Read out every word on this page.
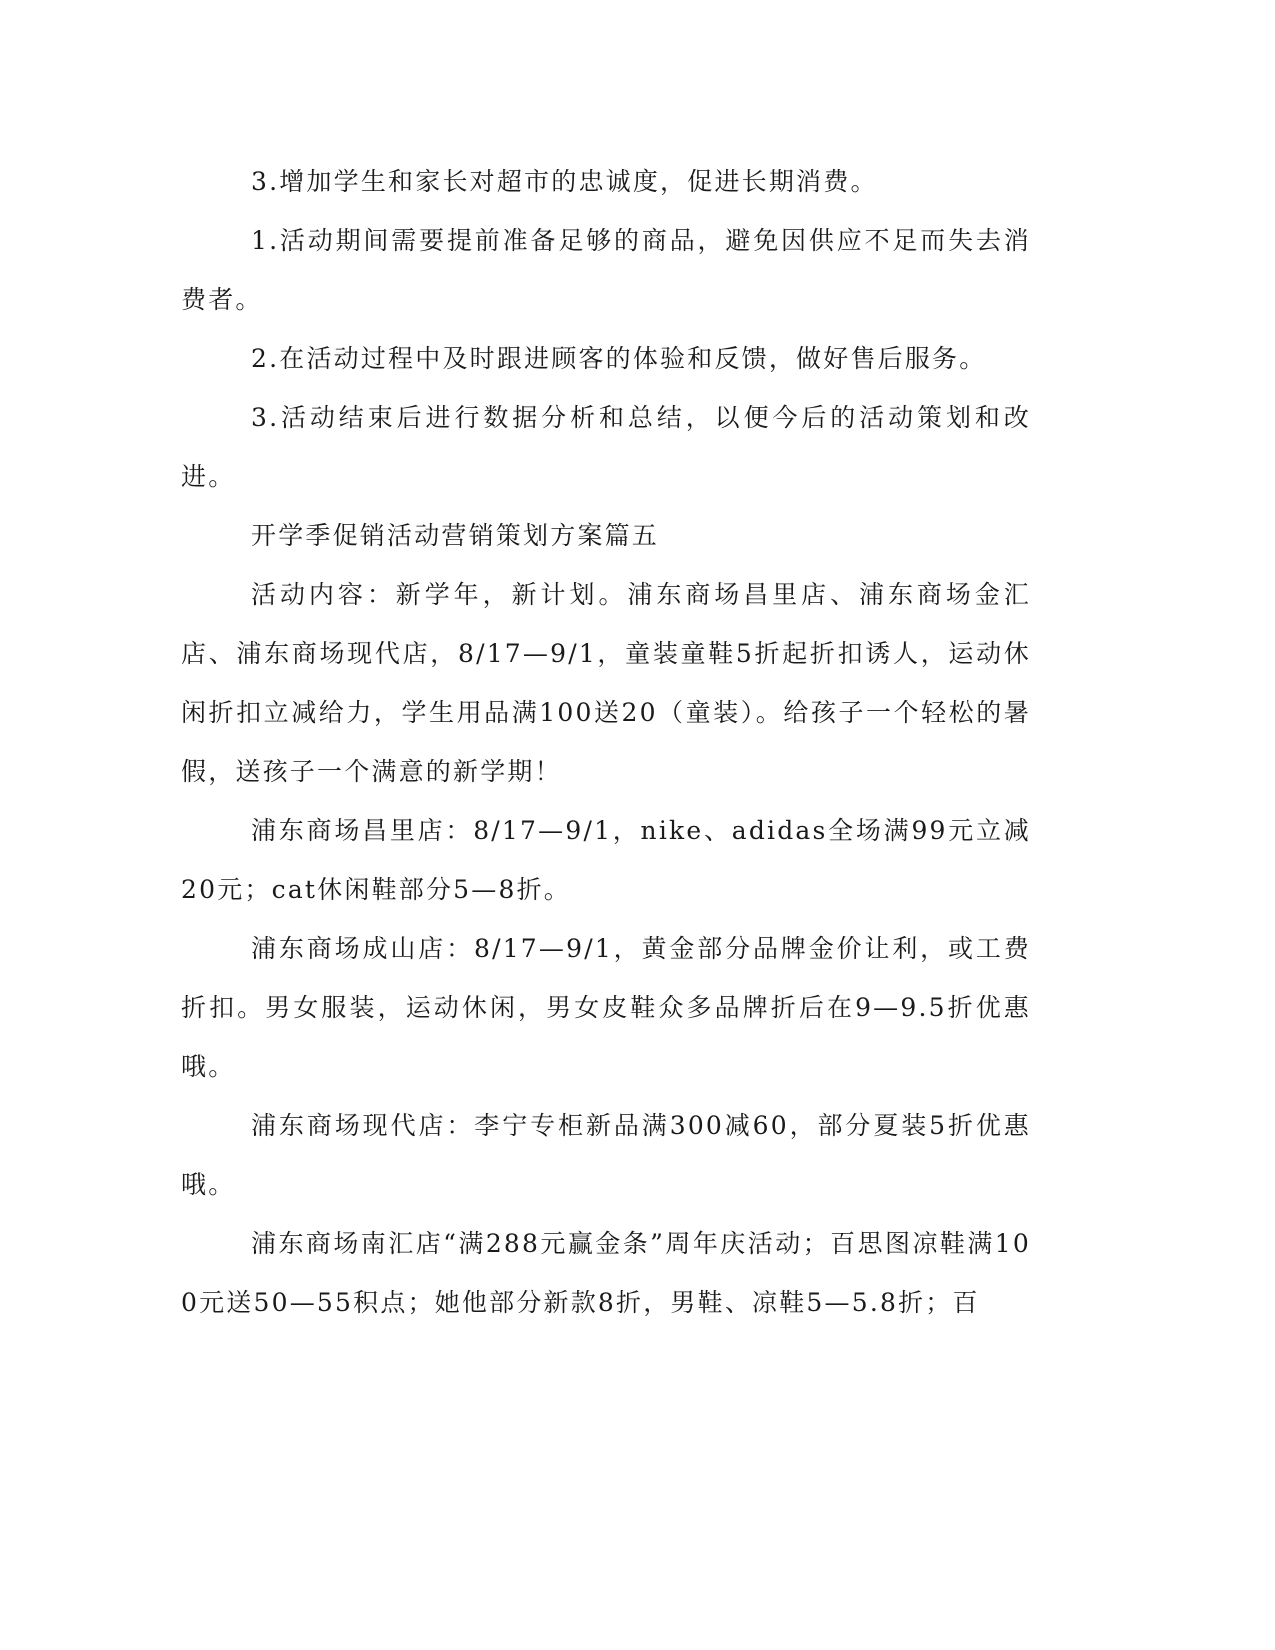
3.增加学生和家长对超市的忠诚度，促进长期消费。

1.活动期间需要提前准备足够的商品，避免因供应不足而失去消费者。

2.在活动过程中及时跟进顾客的体验和反馈，做好售后服务。

3.活动结束后进行数据分析和总结，以便今后的活动策划和改进。

开学季促销活动营销策划方案篇五

活动内容：新学年，新计划。浦东商场昌里店、浦东商场金汇店、浦东商场现代店，8/17—9/1，童装童鞋5折起折扣诱人，运动休闲折扣立减给力，学生用品满100送20（童装）。给孩子一个轻松的暑假，送孩子一个满意的新学期！

浦东商场昌里店：8/17—9/1，nike、adidas全场满99元立减20元；cat休闲鞋部分5—8折。

浦东商场成山店：8/17—9/1，黄金部分品牌金价让利，或工费折扣。男女服装，运动休闲，男女皮鞋众多品牌折后在9—9.5折优惠哦。

浦东商场现代店：李宁专柜新品满300减60，部分夏装5折优惠哦。

浦东商场南汇店“满288元赢金条”周年庆活动；百思图凉鞋满100元送50—55积点；她他部分新款8折，男鞋、凉鞋5—5.8折；百
